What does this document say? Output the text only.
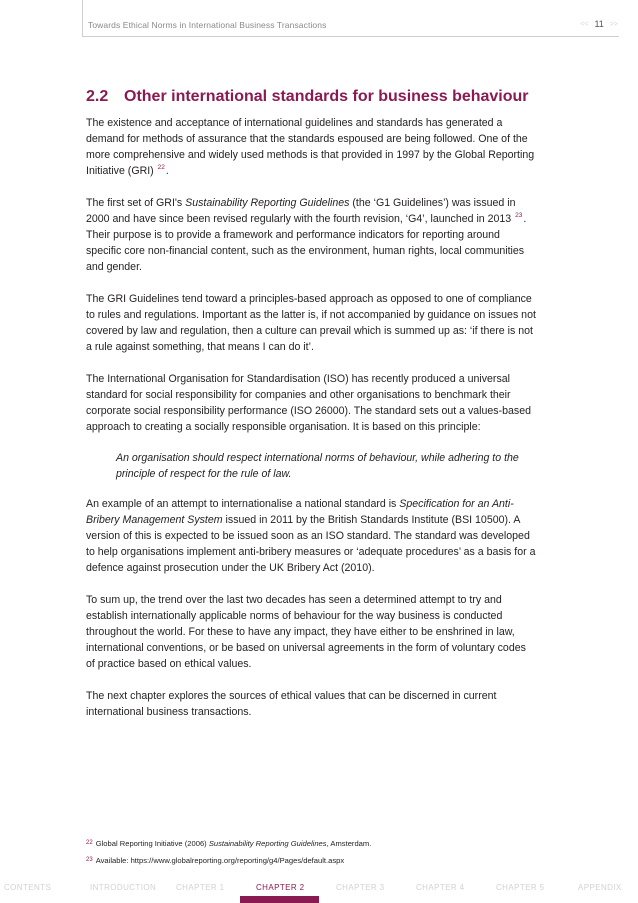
Towards Ethical Norms in International Business Transactions	<< 11 >>
2.2 Other international standards for business behaviour

The existence and acceptance of international guidelines and standards has generated a demand for methods of assurance that the standards espoused are being followed. One of the more comprehensive and widely used methods is that provided in 1997 by the Global Reporting Initiative (GRI) $^{22}$.

The first set of GRI's Sustainability Reporting Guidelines (the ‘G1 Guidelines’) was issued in 2000 and have since been revised regularly with the fourth revision, ‘G4’, launched in 2013 $^{23}$. Their purpose is to provide a framework and performance indicators for reporting around specific core non-financial content, such as the environment, human rights, local communities and gender.

The GRI Guidelines tend toward a principles-based approach as opposed to one of compliance to rules and regulations. Important as the latter is, if not accompanied by guidance on issues not covered by law and regulation, then a culture can prevail which is summed up as: ‘if there is not a rule against something, that means I can do it’.

The International Organisation for Standardisation (ISO) has recently produced a universal standard for social responsibility for companies and other organisations to benchmark their corporate social responsibility performance (ISO 26000). The standard sets out a values-based approach to creating a socially responsible organisation. It is based on this principle:

An organisation should respect international norms of behaviour, while adhering to the principle of respect for the rule of law.

An example of an attempt to internationalise a national standard is Specification for an Anti-Bribery Management System issued in 2011 by the British Standards Institute (BSI 10500). A version of this is expected to be issued soon as an ISO standard. The standard was developed to help organisations implement anti-bribery measures or ‘adequate procedures’ as a basis for a defence against prosecution under the UK Bribery Act (2010).

To sum up, the trend over the last two decades has seen a determined attempt to try and establish internationally applicable norms of behaviour for the way business is conducted throughout the world. For these to have any impact, they have either to be enshrined in law, international conventions, or be based on universal agreements in the form of voluntary codes of practice based on ethical values.

The next chapter explores the sources of ethical values that can be discerned in current international business transactions.

22 Global Reporting Initiative (2006) Sustainability Reporting Guidelines, Amsterdam.
23 Available: https://www.globalreporting.org/reporting/g4/Pages/default.aspx
CONTENTS	INTRODUCTION CHAPTER 1	CHAPTER 2	CHAPTER 3	CHAPTER 4	CHAPTER 5	APPENDIX
